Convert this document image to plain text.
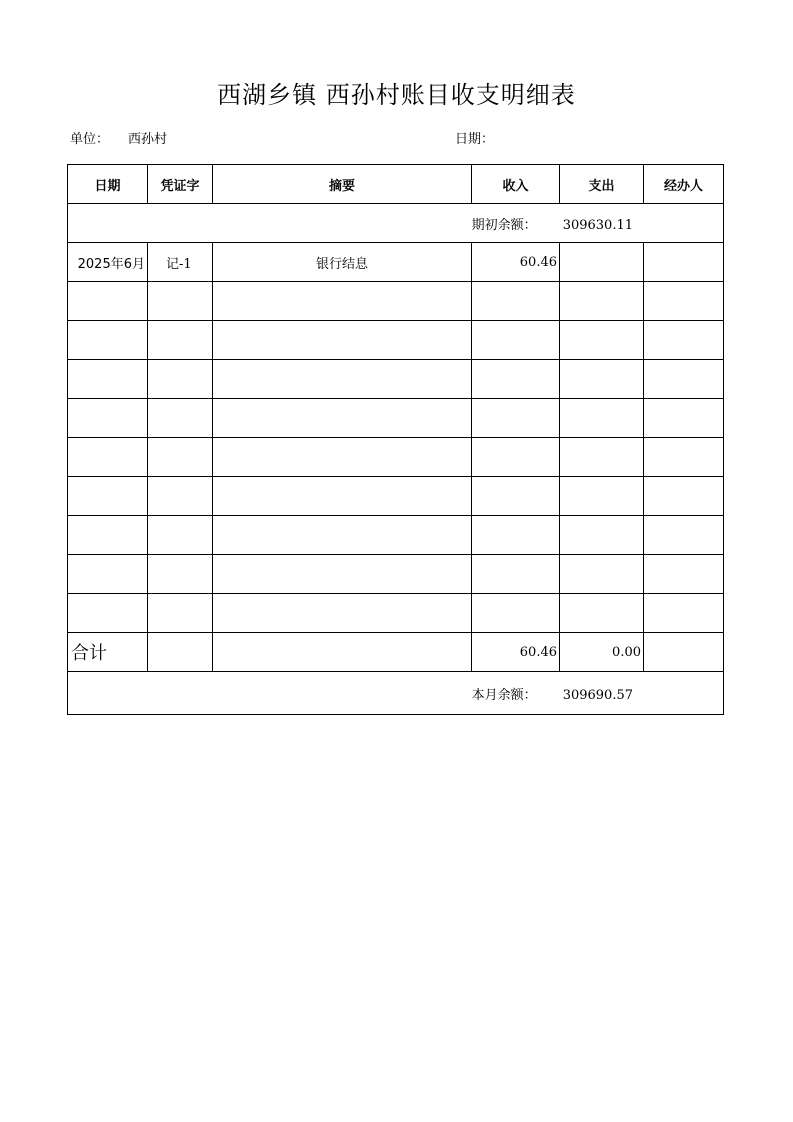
西湖乡镇 西孙村账目收支明细表
单位： 西孙村	日期：
日期	凭证字	摘要	收入	支出	经办人
期初余额： 309630.11					
2025年6月	记-1	银行结息	60.46		

合计			60.46	0.00	
本月余额： 309690.57					
